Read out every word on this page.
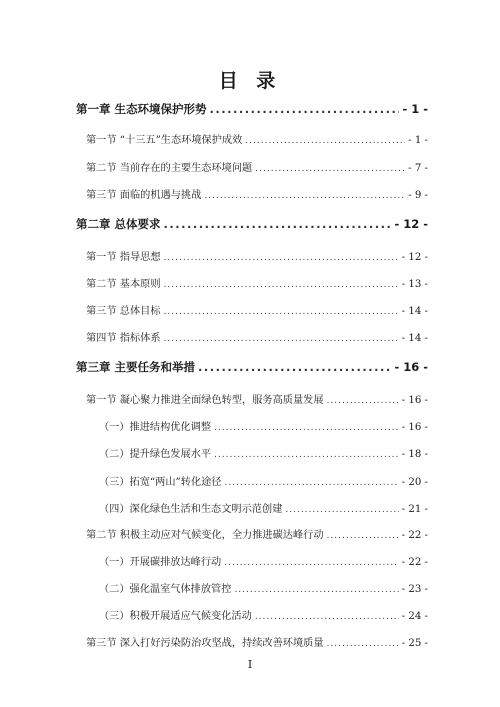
目 录
第一章 生态环境保护形势 .....	- 1 -
第一节 “十三五”生态环境保护成效 .....	- 1 -
第二节 当前存在的主要生态环境问题 .....	- 7 -
第三节 面临的机遇与挑战 .....	- 9 -
第二章 总体要求 .....	- 12 -
第一节 指导思想 .....	- 12 -
第二节 基本原则 .....	- 13 -
第三节 总体目标 .....	- 14 -
第四节 指标体系 .....	- 14 -
第三章 主要任务和举措 .....	- 16 -
第一节 凝心聚力推进全面绿色转型，服务高质量发展 .....	- 16 -
（一）推进结构优化调整 .....	- 16 -
（二）提升绿色发展水平 .....	- 18 -
（三）拓宽“两山”转化途径 .....	- 20 -
（四）深化绿色生活和生态文明示范创建 .....	- 21 -
第二节 积极主动应对气候变化，全力推进碳达峰行动 .....	- 22 -
（一）开展碳排放达峰行动 .....	- 22 -
（二）强化温室气体排放管控 .....	- 23 -
（三）积极开展适应气候变化活动 .....	- 24 -
第三节 深入打好污染防治攻坚战，持续改善环境质量 .....	- 25 -
I
